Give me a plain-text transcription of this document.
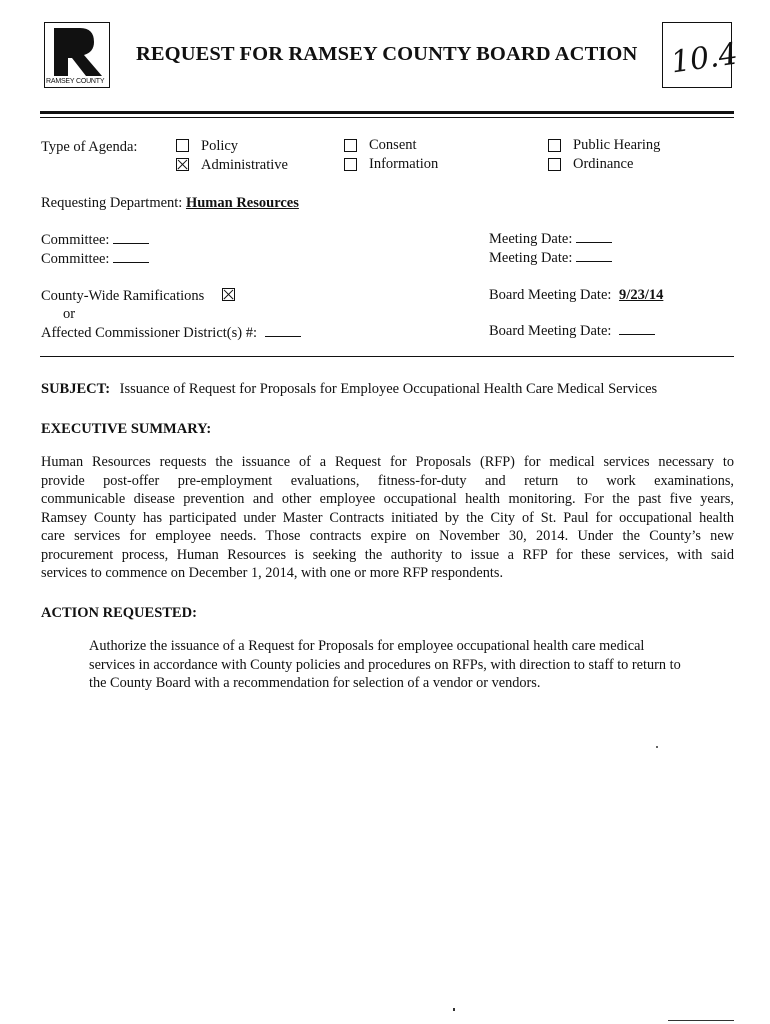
RAMSEY COUNTY
REQUEST FOR RAMSEY COUNTY BOARD ACTION 10.4
Type of Agenda:	Policy
Administrative
Consent
Information
Public Hearing
Ordinance
Requesting Department: Human Resources
Committee:
Committee:
Meeting Date:
Meeting Date:
County-Wide Ramifications
or
Affected Commissioner District(s) #:
Board Meeting Date: 9/23/14
Board Meeting Date:
SUBJECT: Issuance of Request for Proposals for Employee Occupational Health Care Medical Services
EXECUTIVE SUMMARY:
Human Resources requests the issuance of a Request for Proposals (RFP) for medical services necessary to
provide post-offer pre-employment evaluations, fitness-for-duty and return to work examinations,
communicable disease prevention and other employee occupational health monitoring. For the past five years,
Ramsey County has participated under Master Contracts initiated by the City of St. Paul for occupational health
care services for employee needs. Those contracts expire on November 30, 2014. Under the County’s new
procurement process, Human Resources is seeking the authority to issue a RFP for these services, with said
services to commence on December 1, 2014, with one or more RFP respondents.
ACTION REQUESTED:
Authorize the issuance of a Request for Proposals for employee occupational health care medical
services in accordance with County policies and procedures on RFPs, with direction to staff to return to
the County Board with a recommendation for selection of a vendor or vendors.
